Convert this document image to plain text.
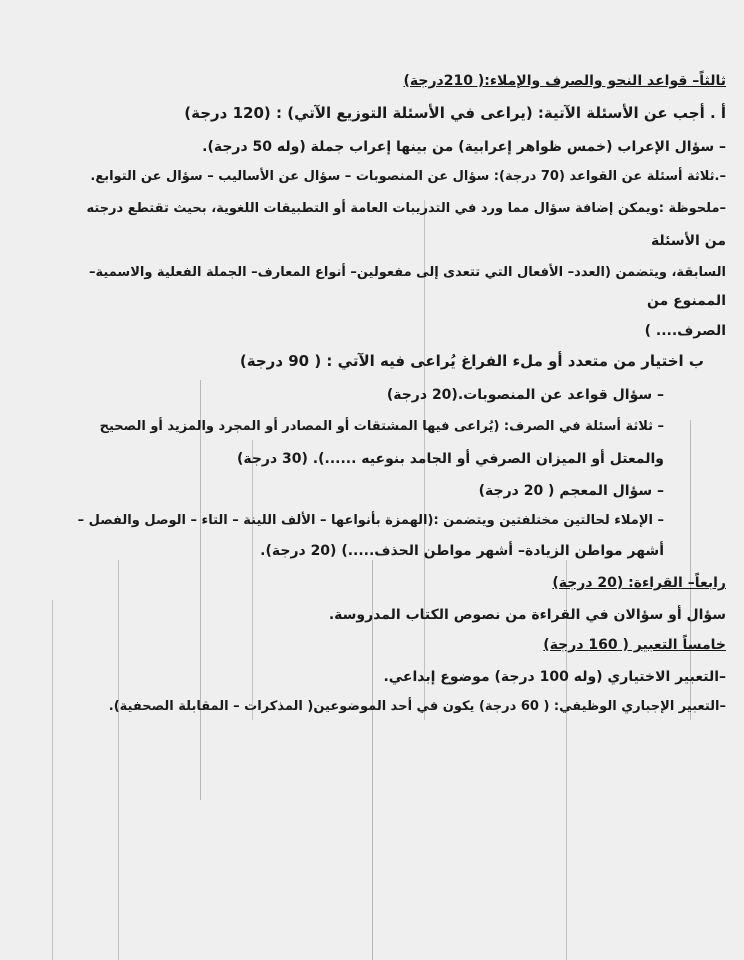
ثالثاً– قواعد النحو والصرف والإملاء:( 210درجة)
أ . أجب عن الأسئلة الآتية: (يراعى في الأسئلة التوزيع الآتي) : (120 درجة)
– سؤال الإعراب (خمس ظواهر إعرابية) من بينها إعراب جملة (وله 50 درجة).
–.ثلاثة أسئلة عن القواعد (70 درجة): سؤال عن المنصوبات – سؤال عن الأساليب – سؤال عن التوابع.
–ملحوظة :ويمكن إضافة سؤال مما ورد في التدريبات العامة أو التطبيقات اللغوية، بحيث تقتطع درجته
من الأسئلة
السابقة، ويتضمن (العدد– الأفعال التي تتعدى إلى مفعولين– أنواع المعارف– الجملة الفعلية والاسمية–
الممنوع من
الصرف.... )
ب اختيار من متعدد أو ملء الفراغ يُراعى فيه الآتي : ( 90 درجة)
– سؤال قواعد عن المنصوبات.(20 درجة)
– ثلاثة أسئلة في الصرف: (يُراعى فيها المشتقات أو المصادر أو المجرد والمزيد أو الصحيح
والمعتل أو الميزان الصرفي أو الجامد بنوعيه ......). (30 درجة)
– سؤال المعجم ( 20 درجة)
– الإملاء لحالتين مختلفتين ويتضمن :(الهمزة بأنواعها – الألف اللينة – التاء – الوصل والفصل –
أشهر مواطن الزيادة– أشهر مواطن الحذف.....) (20 درجة).
رابعاً– القراءة: (20 درجة)
سؤال أو سؤالان في القراءة من نصوص الكتاب المدروسة.
خامساً التعبير ( 160 درجة)
–التعبير الاختياري (وله 100 درجة) موضوع إبداعي.
–التعبير الإجباري الوظيفي: ( 60 درجة) يكون في أحد الموضوعين( المذكرات – المقابلة الصحفية).
